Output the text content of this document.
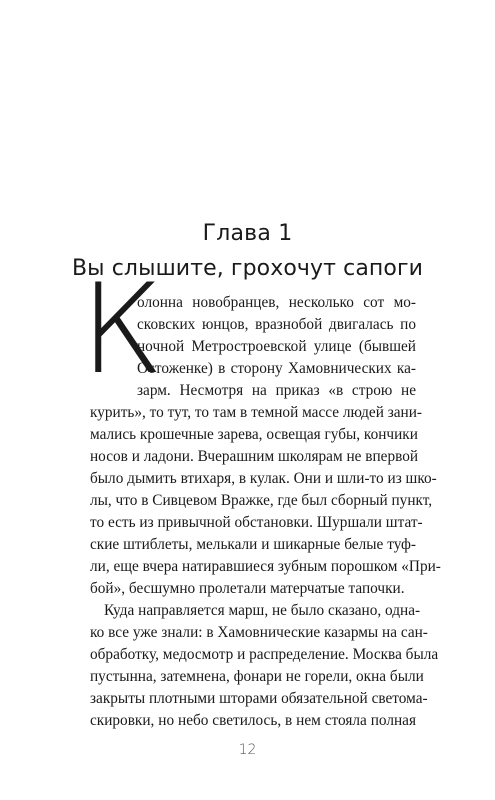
Глава 1
Вы слышите, грохочут сапоги
К
олонна новобранцев, несколько сот мо-
сковских юнцов, вразнобой двигалась по
ночной Метростроевской улице (бывшей
Остоженке) в сторону Хамовнических ка-
зарм. Несмотря на приказ «в строю не
курить», то тут, то там в темной массе людей зани-
мались крошечные зарева, освещая губы, кончики
носов и ладони. Вчерашним школярам не впервой
было дымить втихаря, в кулак. Они и шли-то из шко-
лы, что в Сивцевом Вражке, где был сборный пункт,
то есть из привычной обстановки. Шуршали штат-
ские штиблеты, мелькали и шикарные белые туф-
ли, еще вчера натиравшиеся зубным порошком «При-
бой», бесшумно пролетали матерчатые тапочки.
Куда направляется марш, не было сказано, одна-
ко все уже знали: в Хамовнические казармы на сан-
обработку, медосмотр и распределение. Москва была
пустынна, затемнена, фонари не горели, окна были
закрыты плотными шторами обязательной светома-
скировки, но небо светилось, в нем стояла полная
12
